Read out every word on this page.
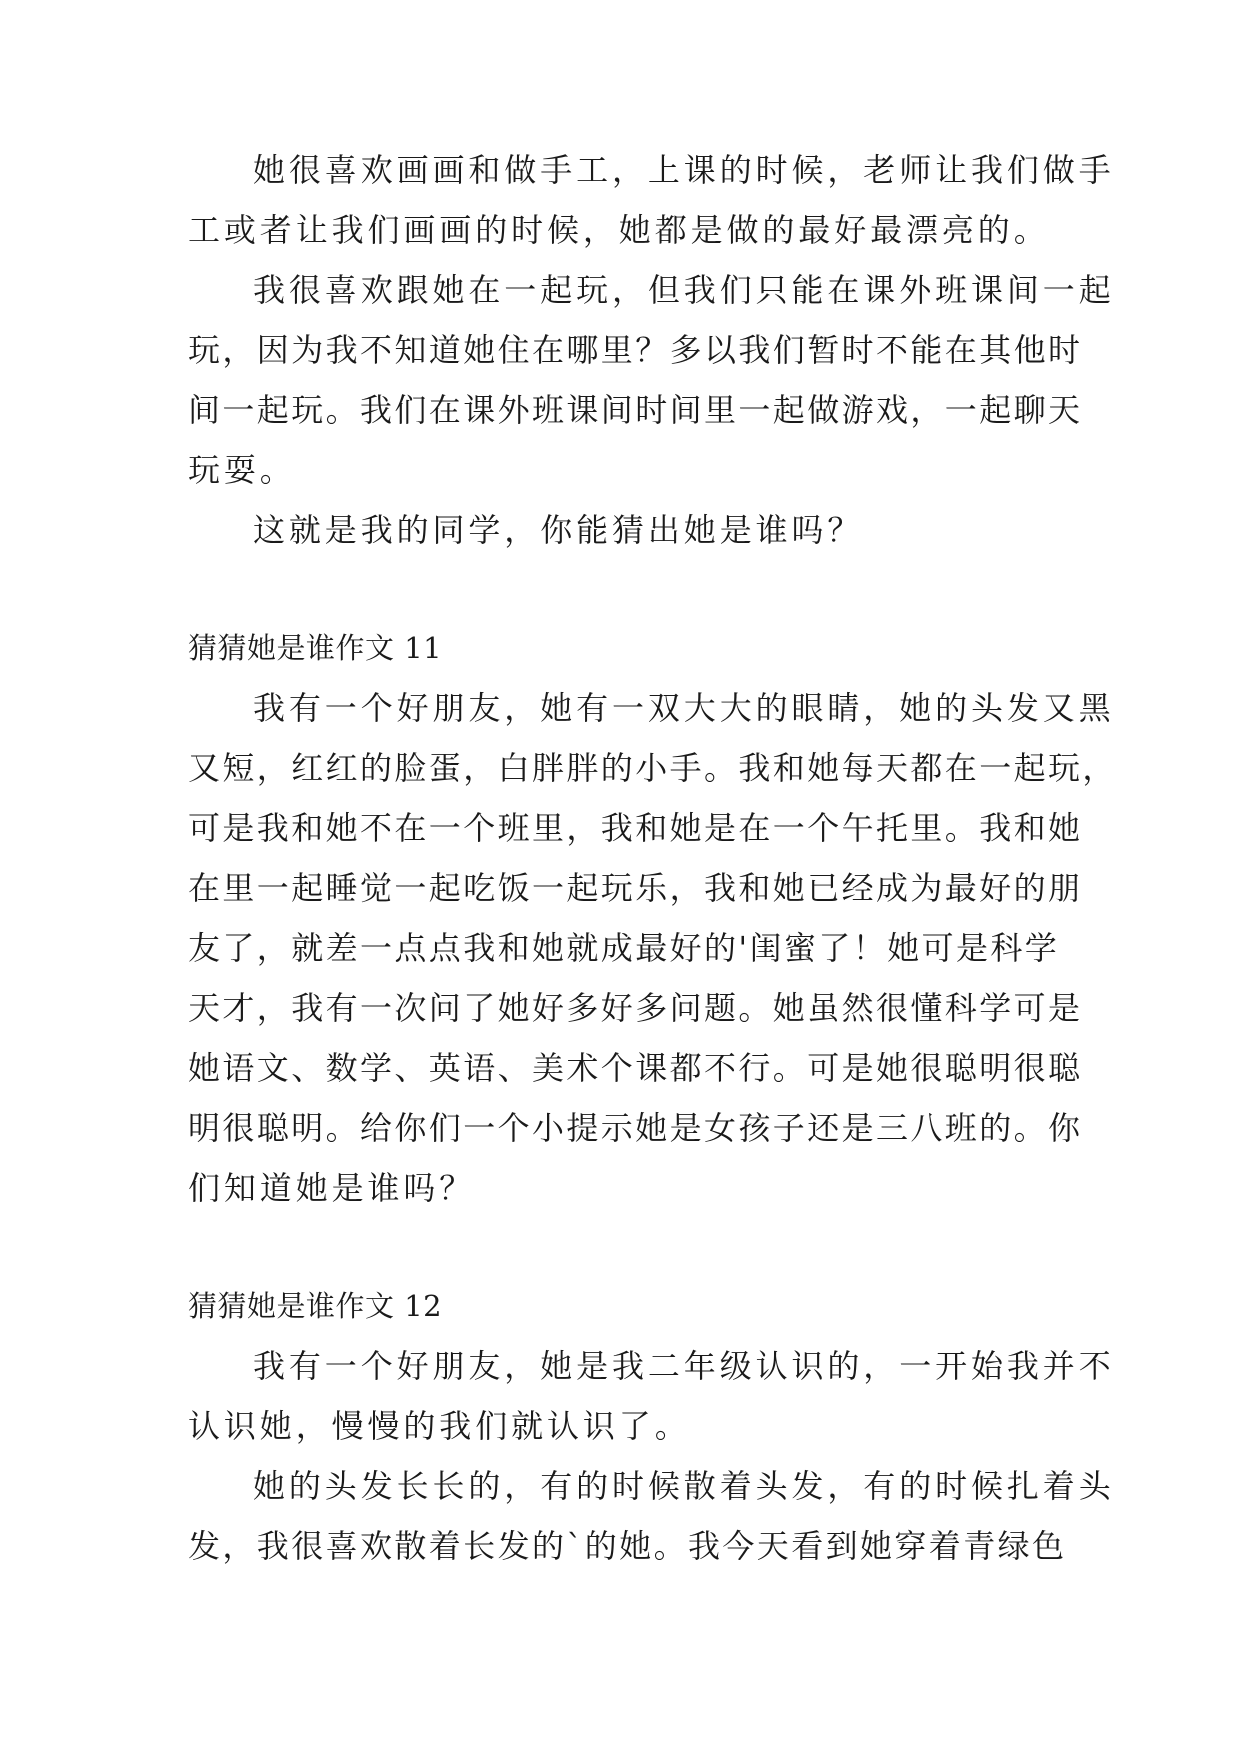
她很喜欢画画和做手工，上课的时候，老师让我们做手
工或者让我们画画的时候，她都是做的最好最漂亮的。
我很喜欢跟她在一起玩，但我们只能在课外班课间一起
玩，因为我不知道她住在哪里？多以我们暂时不能在其他时
间一起玩。我们在课外班课间时间里一起做游戏，一起聊天
玩耍。
这就是我的同学，你能猜出她是谁吗？
猜猜她是谁作文 11
我有一个好朋友，她有一双大大的眼睛，她的头发又黑
又短，红红的脸蛋，白胖胖的小手。我和她每天都在一起玩，
可是我和她不在一个班里，我和她是在一个午托里。我和她
在里一起睡觉一起吃饭一起玩乐，我和她已经成为最好的朋
友了，就差一点点我和她就成最好的'闺蜜了！她可是科学
天才，我有一次问了她好多好多问题。她虽然很懂科学可是
她语文、数学、英语、美术个课都不行。可是她很聪明很聪
明很聪明。给你们一个小提示她是女孩子还是三八班的。你
们知道她是谁吗？
猜猜她是谁作文 12
我有一个好朋友，她是我二年级认识的，一开始我并不
认识她，慢慢的我们就认识了。
她的头发长长的，有的时候散着头发，有的时候扎着头
发，我很喜欢散着长发的`的她。我今天看到她穿着青绿色
